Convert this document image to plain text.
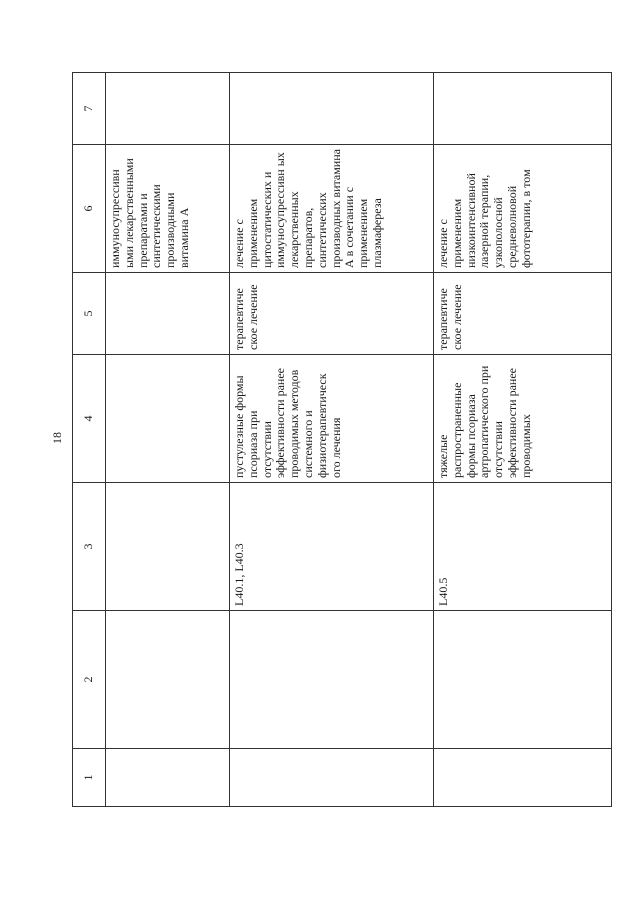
18
1	2	3	4	5	6	7
					иммуносупрессивн ыми лекарственными препаратами и синтетическими производными витамина А	
		L40.1, L40.3	пустулезные формы псориаза при отсутствии эффективности ранее проводимых методов системного и физиотерапевтическ ого лечения	терапевтиче ское лечение	лечение с применением цитостатических и иммуносупрессивн ых лекарственных препаратов, синтетических производных витамина А в сочетании с применением плазмафереза	
		L40.5	тяжелые распространенные формы псориаза артропатического при отсутствии эффективности ранее проводимых	терапевтиче ское лечение	лечение с применением низкоинтенсивной лазерной терапии, узкополосной средневолновой фототерапии, в том	
